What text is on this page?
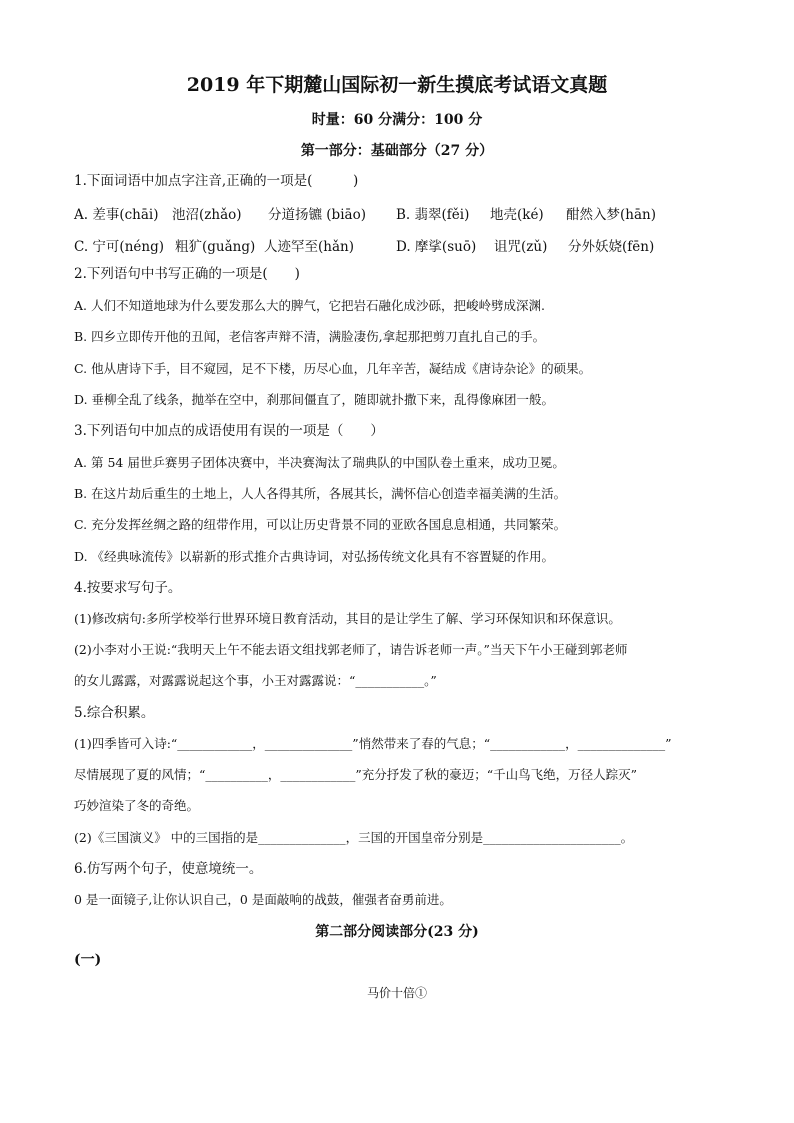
2019 年下期麓山国际初一新生摸底考试语文真题
时量：60 分满分：100 分
第一部分：基础部分（27 分）
1.下面词语中加点字注音,正确的一项是(　　　)
A. 差事(chāi) 池沼(zhǎo) 分道扬镳 (biāo) B. 翡翠(fěi) 地壳(ké) 酣然入梦(hān)
C. 宁可(néng) 粗犷(guǎng) 人迹罕至(hǎn)	D. 摩挲(suō) 诅咒(zǔ) 分外妖娆(fēn)
2.下列语句中书写正确的一项是(　　)
A. 人们不知道地球为什么要发那么大的脾气，它把岩石融化成沙砾，把峻岭劈成深渊.
B. 四乡立即传开他的丑闻，老信客声辩不清，满脸凄伤,拿起那把剪刀直扎自己的手。
C. 他从唐诗下手，目不窥园，足不下楼，历尽心血，几年辛苦，凝结成《唐诗杂论》的硕果。
D. 垂柳全乱了线条，抛举在空中，刹那间僵直了，随即就扑撒下来，乱得像麻团一般。
3.下列语句中加点的成语使用有误的一项是（　　）
A. 第 54 届世乒赛男子团体决赛中，半决赛淘汰了瑞典队的中国队卷土重来，成功卫冕。
B. 在这片劫后重生的土地上，人人各得其所，各展其长，满怀信心创造幸福美满的生活。
C. 充分发挥丝绸之路的纽带作用，可以让历史背景不同的亚欧各国息息相通，共同繁荣。
D. 《经典咏流传》以崭新的形式推介古典诗词，对弘扬传统文化具有不容置疑的作用。
4.按要求写句子。
(1)修改病句:多所学校举行世界环境日教育活动，其目的是让学生了解、学习环保知识和环保意识。
(2)小李对小王说:“我明天上午不能去语文组找郭老师了，请告诉老师一声。”当天下午小王碰到郭老师
的女儿露露，对露露说起这个事，小王对露露说：“___________。”
5.综合积累。
(1)四季皆可入诗:“____________，______________”悄然带来了春的气息；“____________，______________”
尽情展现了夏的风情；“__________，____________”充分抒发了秋的豪迈；“千山鸟飞绝，万径人踪灭”
巧妙渲染了冬的奇绝。
(2)《三国演义》 中的三国指的是______________，三国的开国皇帝分别是______________________。
6.仿写两个句子，使意境统一。
0 是一面镜子,让你认识自己，0 是面敲响的战鼓，催强者奋勇前进。
第二部分阅读部分(23 分)
(一)
马价十倍①
